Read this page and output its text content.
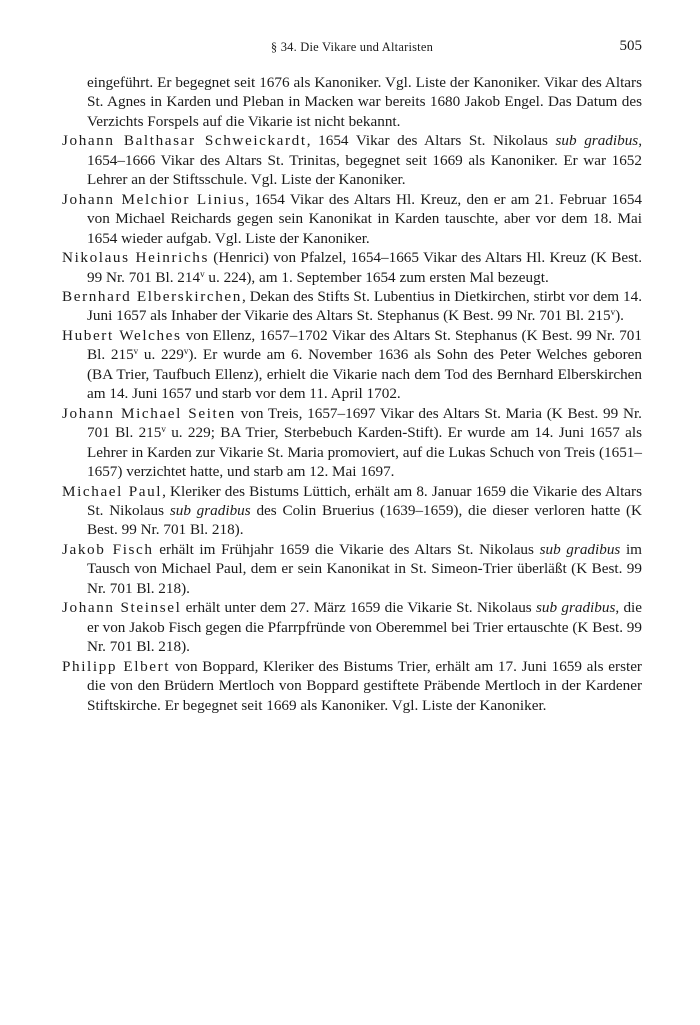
§ 34. Die Vikare und Altaristen	505

eingeführt. Er begegnet seit 1676 als Kanoniker. Vgl. Liste der Kanoniker. Vikar des Altars St. Agnes in Karden und Pleban in Macken war bereits 1680 Jakob Engel. Das Datum des Verzichts Forspels auf die Vikarie ist nicht bekannt.

Johann Balthasar Schweickardt, 1654 Vikar des Altars St. Nikolaus sub gradibus, 1654–1666 Vikar des Altars St. Trinitas, begegnet seit 1669 als Kanoniker. Er war 1652 Lehrer an der Stiftsschule. Vgl. Liste der Kanoniker.

Johann Melchior Linius, 1654 Vikar des Altars Hl. Kreuz, den er am 21. Februar 1654 von Michael Reichards gegen sein Kanonikat in Karden tauschte, aber vor dem 18. Mai 1654 wieder aufgab. Vgl. Liste der Kanoniker.

Nikolaus Heinrichs (Henrici) von Pfalzel, 1654–1665 Vikar des Altars Hl. Kreuz (K Best. 99 Nr. 701 Bl. 214$^v$ u. 224), am 1. September 1654 zum ersten Mal bezeugt.

Bernhard Elberskirchen, Dekan des Stifts St. Lubentius in Dietkirchen, stirbt vor dem 14. Juni 1657 als Inhaber der Vikarie des Altars St. Stephanus (K Best. 99 Nr. 701 Bl. 215$^v$).

Hubert Welches von Ellenz, 1657–1702 Vikar des Altars St. Stephanus (K Best. 99 Nr. 701 Bl. 215$^v$ u. 229$^v$). Er wurde am 6. November 1636 als Sohn des Peter Welches geboren (BA Trier, Taufbuch Ellenz), erhielt die Vikarie nach dem Tod des Bernhard Elberskirchen am 14. Juni 1657 und starb vor dem 11. April 1702.

Johann Michael Seiten von Treis, 1657–1697 Vikar des Altars St. Maria (K Best. 99 Nr. 701 Bl. 215$^v$ u. 229; BA Trier, Sterbebuch Karden-Stift). Er wurde am 14. Juni 1657 als Lehrer in Karden zur Vikarie St. Maria promoviert, auf die Lukas Schuch von Treis (1651–1657) verzichtet hatte, und starb am 12. Mai 1697.

Michael Paul, Kleriker des Bistums Lüttich, erhält am 8. Januar 1659 die Vikarie des Altars St. Nikolaus sub gradibus des Colin Bruerius (1639–1659), die dieser verloren hatte (K Best. 99 Nr. 701 Bl. 218).

Jakob Fisch erhält im Frühjahr 1659 die Vikarie des Altars St. Nikolaus sub gradibus im Tausch von Michael Paul, dem er sein Kanonikat in St. Simeon-Trier überläßt (K Best. 99 Nr. 701 Bl. 218).

Johann Steinsel erhält unter dem 27. März 1659 die Vikarie St. Nikolaus sub gradibus, die er von Jakob Fisch gegen die Pfarrpfründe von Oberemmel bei Trier ertauschte (K Best. 99 Nr. 701 Bl. 218).

Philipp Elbert von Boppard, Kleriker des Bistums Trier, erhält am 17. Juni 1659 als erster die von den Brüdern Mertloch von Boppard gestiftete Präbende Mertloch in der Kardener Stiftskirche. Er begegnet seit 1669 als Kanoniker. Vgl. Liste der Kanoniker.
